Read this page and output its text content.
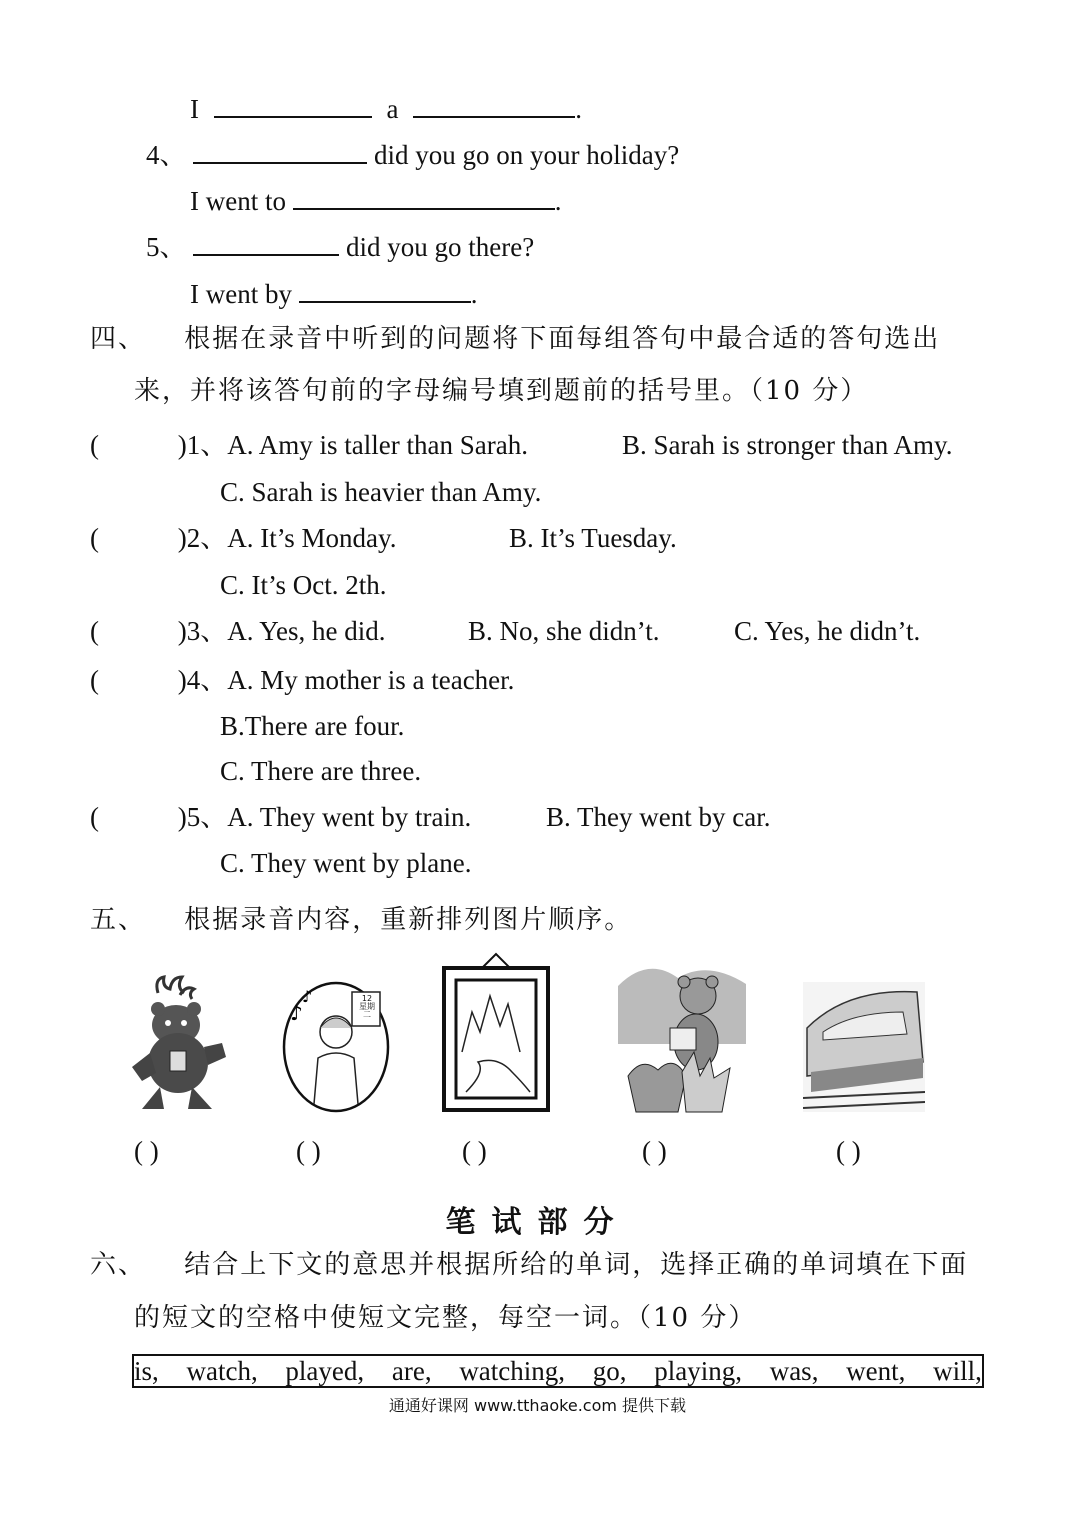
I	a	.
4、	did you go on your holiday?
I went to	.
5、	did you go there?
I went by	.
四、 根据在录音中听到的问题将下面每组答句中最合适的答句选出
来，并将该答句前的字母编号填到题前的括号里。（10 分）
(	)1、A. Amy is taller than Sarah.	B. Sarah is stronger than Amy.
C. Sarah is heavier than Amy.
(	)2、A. It’s Monday.	B. It’s Tuesday.
C. It’s Oct. 2th.
(	)3、A. Yes, he did.	B. No, she didn’t.	C. Yes, he didn’t.
(	)4、A. My mother is a teacher.
B.There are four.
C. There are three.
(	)5、A. They went by train.	B. They went by car.
C. They went by plane.
五、 根据录音内容，重新排列图片顺序。
♪
♪	12
星期二
( )	( )	( )	( )	( )
笔试部分
六、 结合上下文的意思并根据所给的单词，选择正确的单词填在下面
的短文的空格中使短文完整，每空一词。（10 分）
is, watch, played, are, watching, go, playing, was, went, will,
通通好课网 www.tthaoke.com 提供下载
